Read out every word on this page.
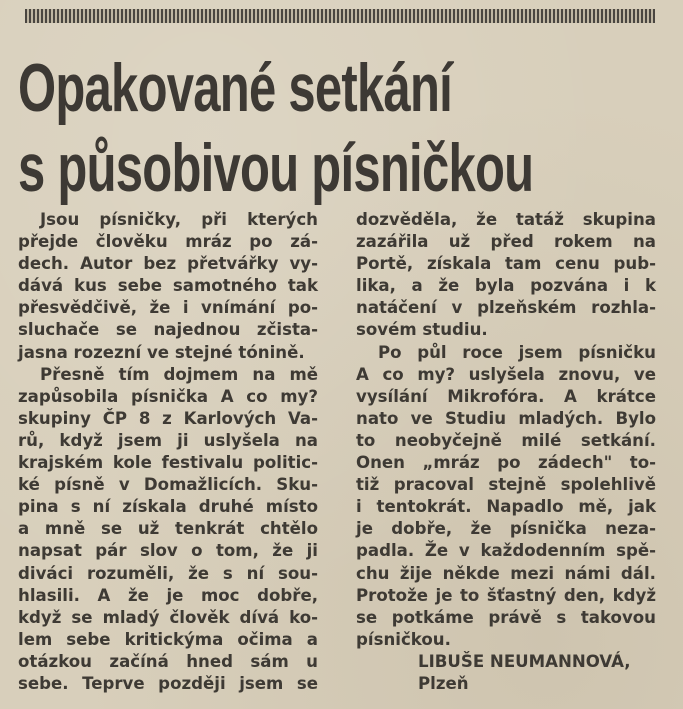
Opakované setkání
s působivou písničkou
Jsou písničky, při kterých
přejde člověku mráz po zá-
dech. Autor bez přetvářky vy-
dává kus sebe samotného tak
přesvědčivě, že i vnímání po-
sluchače se najednou zčista-
jasna rozezní ve stejné tónině.
Přesně tím dojmem na mě
zapůsobila písnička A co my?
skupiny ČP 8 z Karlových Va-
rů, když jsem ji uslyšela na
krajském kole festivalu politic-
ké písně v Domažlicích. Sku-
pina s ní získala druhé místo
a mně se už tenkrát chtělo
napsat pár slov o tom, že ji
diváci rozuměli, že s ní sou-
hlasili. A že je moc dobře,
když se mladý člověk dívá ko-
lem sebe kritickýma očima a
otázkou začíná hned sám u
sebe. Teprve později jsem se
dozvěděla, že tatáž skupina
zazářila už před rokem na
Portě, získala tam cenu pub-
lika, a že byla pozvána i k
natáčení v plzeňském rozhla-
sovém studiu.
Po půl roce jsem písničku
A co my? uslyšela znovu, ve
vysílání Mikrofóra. A krátce
nato ve Studiu mladých. Bylo
to neobyčejně milé setkání.
Onen „mráz po zádech" to-
tiž pracoval stejně spolehlivě
i tentokrát. Napadlo mě, jak
je dobře, že písnička neza-
padla. Že v každodenním spě-
chu žije někde mezi námi dál.
Protože je to šťastný den, když
se potkáme právě s takovou
písničkou.
LIBUŠE NEUMANNOVÁ,
Plzeň
